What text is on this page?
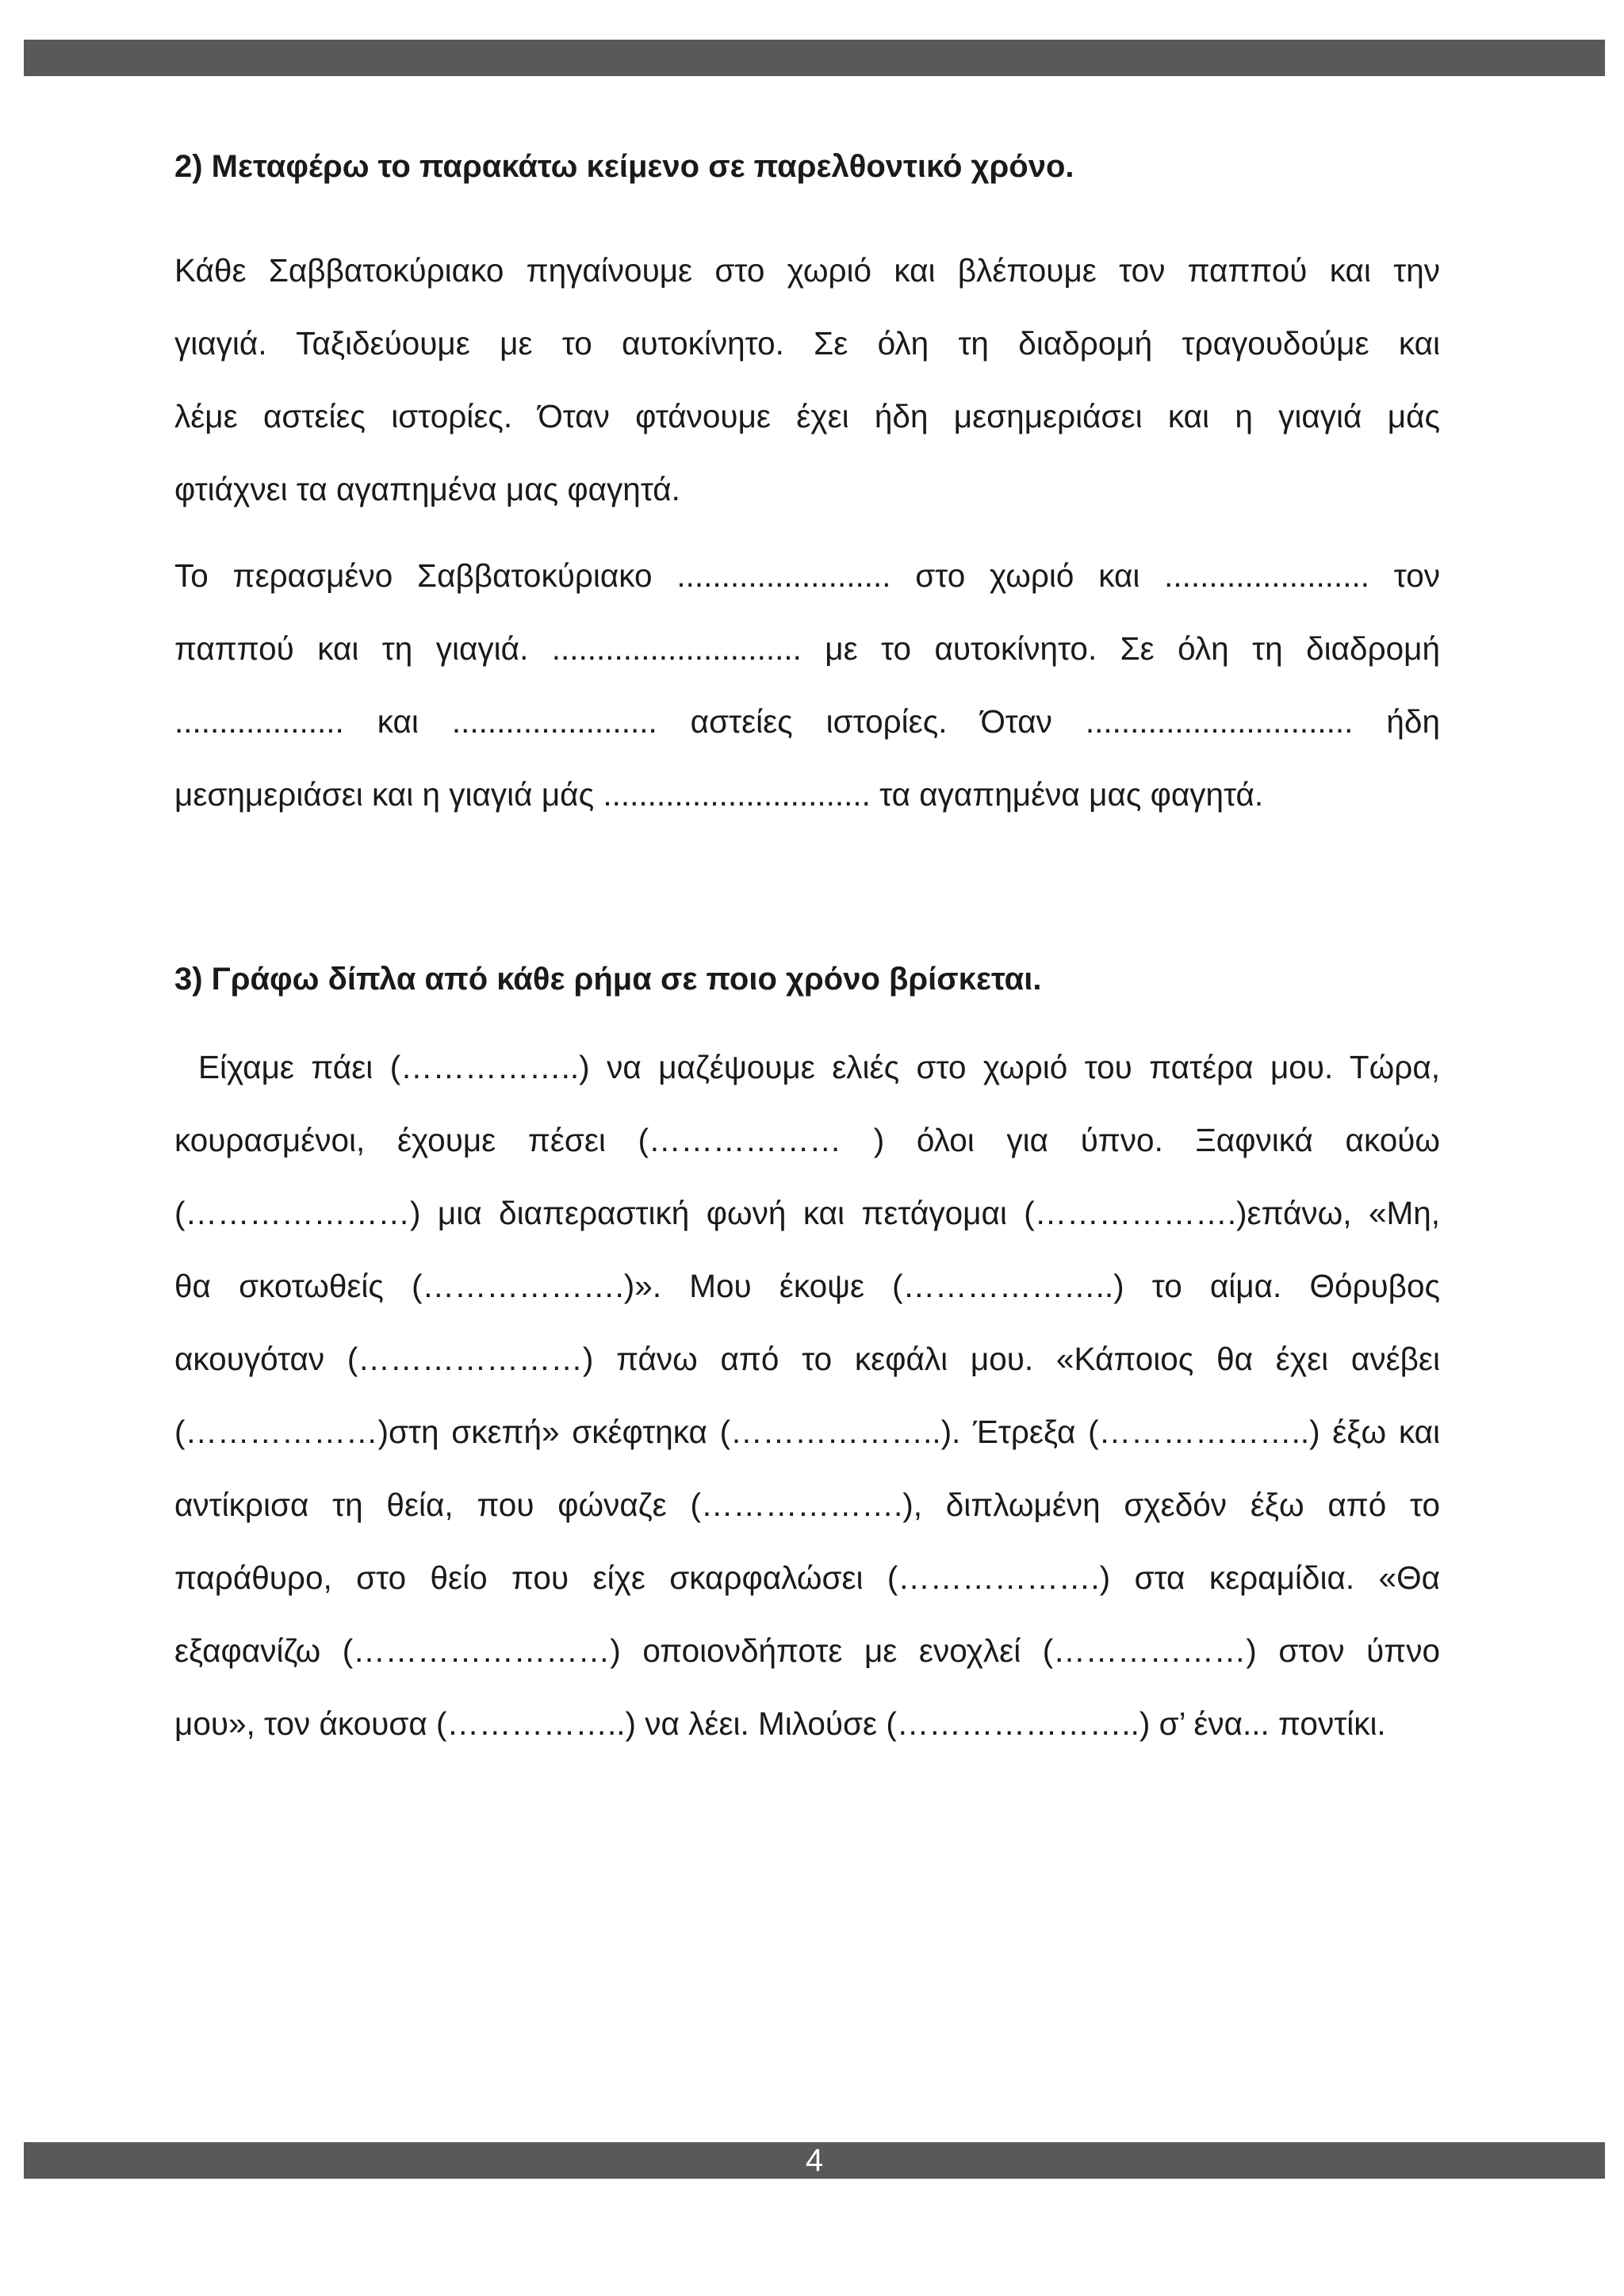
2) Μεταφέρω το παρακάτω κείμενο σε παρελθοντικό χρόνο.
Κάθε Σαββατοκύριακο πηγαίνουμε στο χωριό και βλέπουμε τον παππού και την
γιαγιά. Ταξιδεύουμε με το αυτοκίνητο. Σε όλη τη διαδρομή τραγουδούμε και
λέμε αστείες ιστορίες. Όταν φτάνουμε έχει ήδη μεσημεριάσει και η γιαγιά μάς
φτιάχνει τα αγαπημένα μας φαγητά.
Το περασμένο Σαββατοκύριακο ........................ στο χωριό και ....................... τον
παππού και τη γιαγιά. ............................ με το αυτοκίνητο. Σε όλη τη διαδρομή
................... και ....................... αστείες ιστορίες. Όταν .............................. ήδη
μεσημεριάσει και η γιαγιά μάς .............................. τα αγαπημένα μας φαγητά.
3) Γράφω δίπλα από κάθε ρήμα σε ποιο χρόνο βρίσκεται.
Είχαμε πάει (……………..) να μαζέψουμε ελιές στο χωριό του πατέρα μου. Τώρα,
κουρασμένοι, έχουμε πέσει (……………… ) όλοι για ύπνο. Ξαφνικά ακούω
(…………………) μια διαπεραστική φωνή και πετάγομαι (……………….)επάνω, «Μη,
θα σκοτωθείς (……………….)». Μου έκοψε (………………..) το αίμα. Θόρυβος
ακουγόταν (…………………) πάνω από το κεφάλι μου. «Κάποιος θα έχει ανέβει
(………………)στη σκεπή» σκέφτηκα (………………..). Έτρεξα (………………..) έξω και
αντίκρισα τη θεία, που φώναζε (……………….), διπλωμένη σχεδόν έξω από το
παράθυρο, στο θείο που είχε σκαρφαλώσει (……………….) στα κεραμίδια. «Θα
εξαφανίζω (……………………) οποιονδήποτε με ενοχλεί (………………) στον ύπνο
μου», τον άκουσα (……………..) να λέει. Μιλούσε (…………………..) σ’ ένα... ποντίκι.
4
